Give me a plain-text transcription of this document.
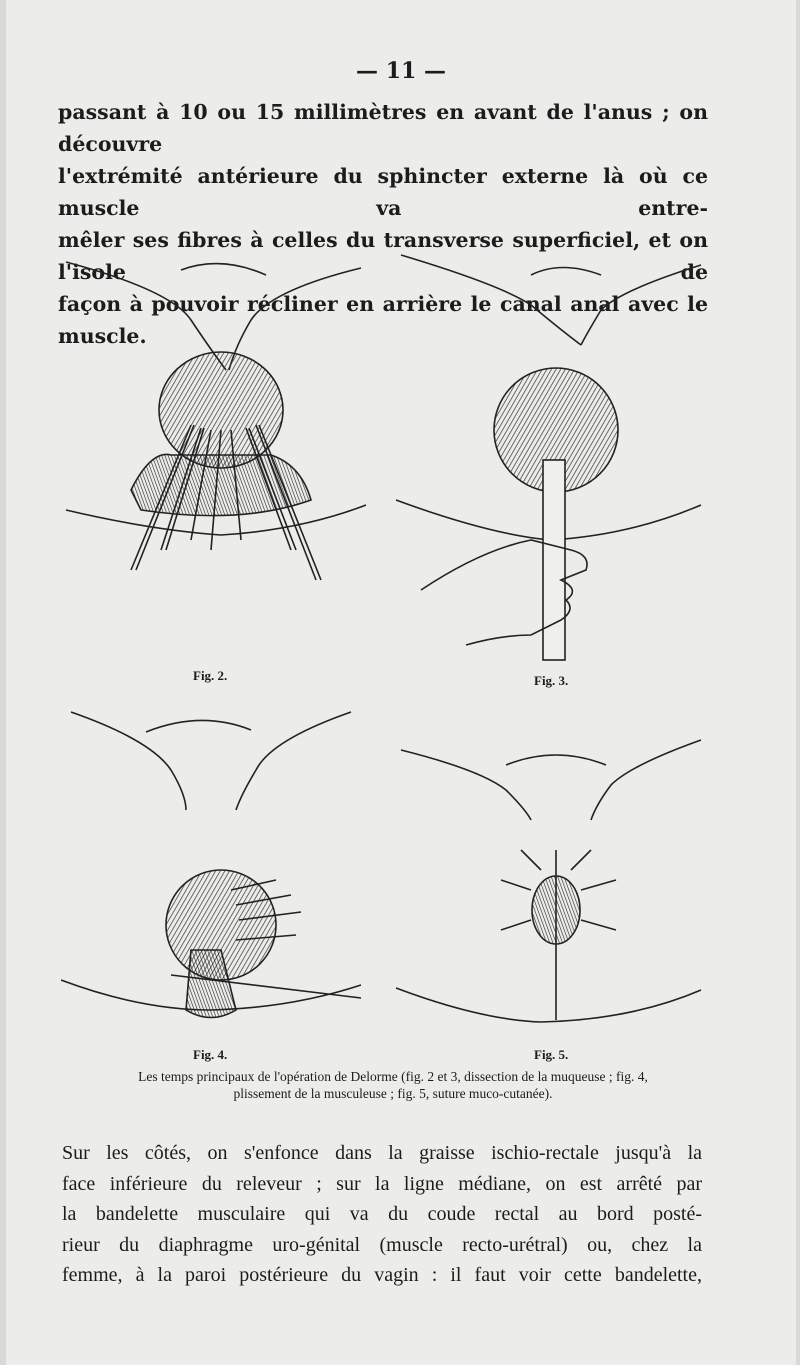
— 11 —
passant à 10 ou 15 millimètres en avant de l'anus ; on découvre
l'extrémité antérieure du sphincter externe là où ce muscle va entre-
mêler ses fibres à celles du transverse superficiel, et on l'isole de
façon à pouvoir récliner en arrière le canal anal avec le muscle.
Fig. 2.	Fig. 3.
Fig. 4.	Fig. 5.
Les temps principaux de l'opération de Delorme (fig. 2 et 3, dissection de la muqueuse ; fig. 4,
plissement de la musculeuse ; fig. 5, suture muco-cutanée).
Sur les côtés, on s'enfonce dans la graisse ischio-rectale jusqu'à la
face inférieure du releveur ; sur la ligne médiane, on est arrêté par
la bandelette musculaire qui va du coude rectal au bord posté-
rieur du diaphragme uro-génital (muscle recto-urétral) ou, chez la
femme, à la paroi postérieure du vagin : il faut voir cette bandelette,
